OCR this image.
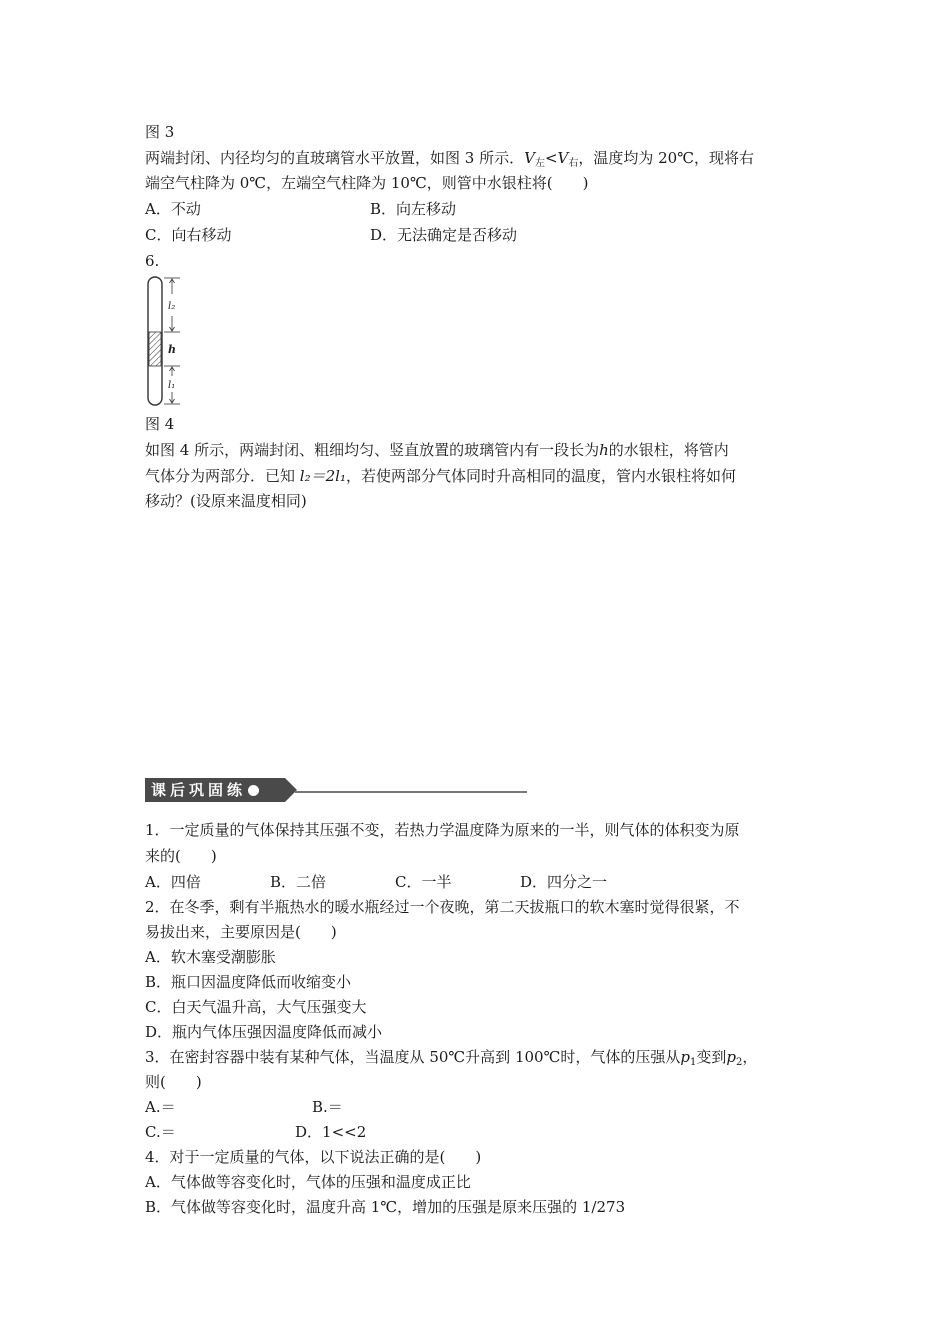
图 3
两端封闭、内径均匀的直玻璃管水平放置，如图 3 所示．$V_左<V_右$，温度均为 20℃，现将右
端空气柱降为 0℃，左端空气柱降为 10℃，则管中水银柱将(　　)
A．不动	B．向左移动
C．向右移动	D．无法确定是否移动
6.
l₂
h
l₁
图 4
如图 4 所示，两端封闭、粗细均匀、竖直放置的玻璃管内有一段长为h的水银柱，将管内
气体分为两部分．已知 l₂＝2l₁，若使两部分气体同时升高相同的温度，管内水银柱将如何
移动？(设原来温度相同)
课后巩固练
1．一定质量的气体保持其压强不变，若热力学温度降为原来的一半，则气体的体积变为原
来的(　　)
A．四倍	B．二倍	C．一半	D．四分之一
2．在冬季，剩有半瓶热水的暖水瓶经过一个夜晚，第二天拔瓶口的软木塞时觉得很紧，不
易拔出来，主要原因是(　　)
A．软木塞受潮膨胀
B．瓶口因温度降低而收缩变小
C．白天气温升高，大气压强变大
D．瓶内气体压强因温度降低而减小
3．在密封容器中装有某种气体，当温度从 50℃升高到 100℃时，气体的压强从$p_1$变到$p_2$，
则(　　)
A.＝	B.＝
C.＝	D．1<<2
4．对于一定质量的气体，以下说法正确的是(　　)
A．气体做等容变化时，气体的压强和温度成正比
B．气体做等容变化时，温度升高 1℃，增加的压强是原来压强的 1/273
